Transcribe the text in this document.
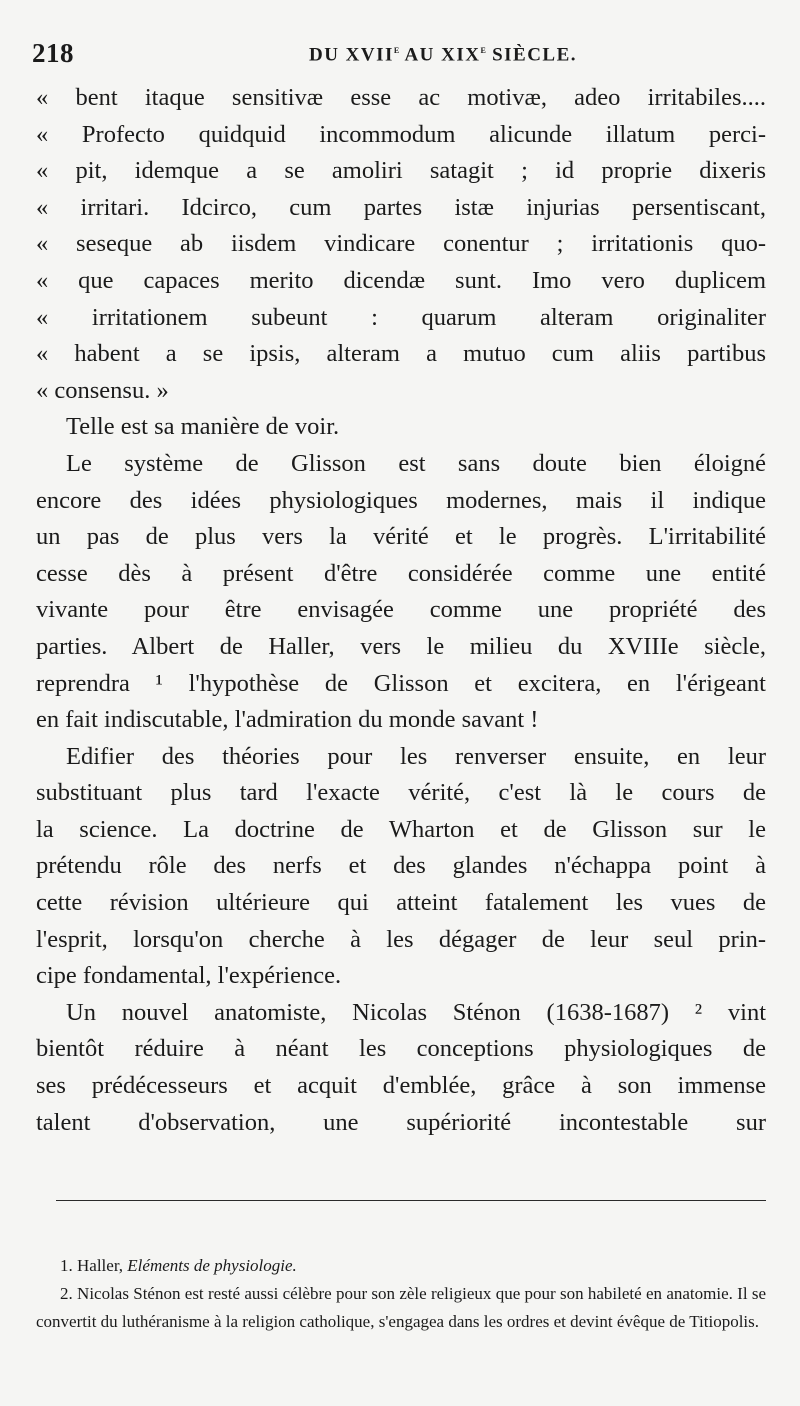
218	DU XVIIe AU XIXe SIÈCLE.
« bent itaque sensitivæ esse ac motivæ, adeo irritabiles....
« Profecto quidquid incommodum alicunde illatum perci-
« pit, idemque a se amoliri satagit ; id proprie dixeris
« irritari. Idcirco, cum partes istæ injurias persentiscant,
« seseque ab iisdem vindicare conentur ; irritationis quo-
« que capaces merito dicendæ sunt. Imo vero duplicem
« irritationem subeunt : quarum alteram originaliter
« habent a se ipsis, alteram a mutuo cum aliis partibus
« consensu. »
Telle est sa manière de voir.
Le système de Glisson est sans doute bien éloigné
encore des idées physiologiques modernes, mais il indique
un pas de plus vers la vérité et le progrès. L'irritabilité
cesse dès à présent d'être considérée comme une entité
vivante pour être envisagée comme une propriété des
parties. Albert de Haller, vers le milieu du XVIIIe siècle,
reprendra ¹ l'hypothèse de Glisson et excitera, en l'érigeant
en fait indiscutable, l'admiration du monde savant !
Edifier des théories pour les renverser ensuite, en leur
substituant plus tard l'exacte vérité, c'est là le cours de
la science. La doctrine de Wharton et de Glisson sur le
prétendu rôle des nerfs et des glandes n'échappa point à
cette révision ultérieure qui atteint fatalement les vues de
l'esprit, lorsqu'on cherche à les dégager de leur seul prin-
cipe fondamental, l'expérience.
Un nouvel anatomiste, Nicolas Sténon (1638-1687) ² vint
bientôt réduire à néant les conceptions physiologiques de
ses prédécesseurs et acquit d'emblée, grâce à son immense
talent d'observation, une supériorité incontestable sur
1. Haller, Eléments de physiologie.
2. Nicolas Sténon est resté aussi célèbre pour son zèle religieux que pour son habileté en anatomie. Il se convertit du luthéranisme à la religion catholique, s'engagea dans les ordres et devint évêque de Titiopolis.
